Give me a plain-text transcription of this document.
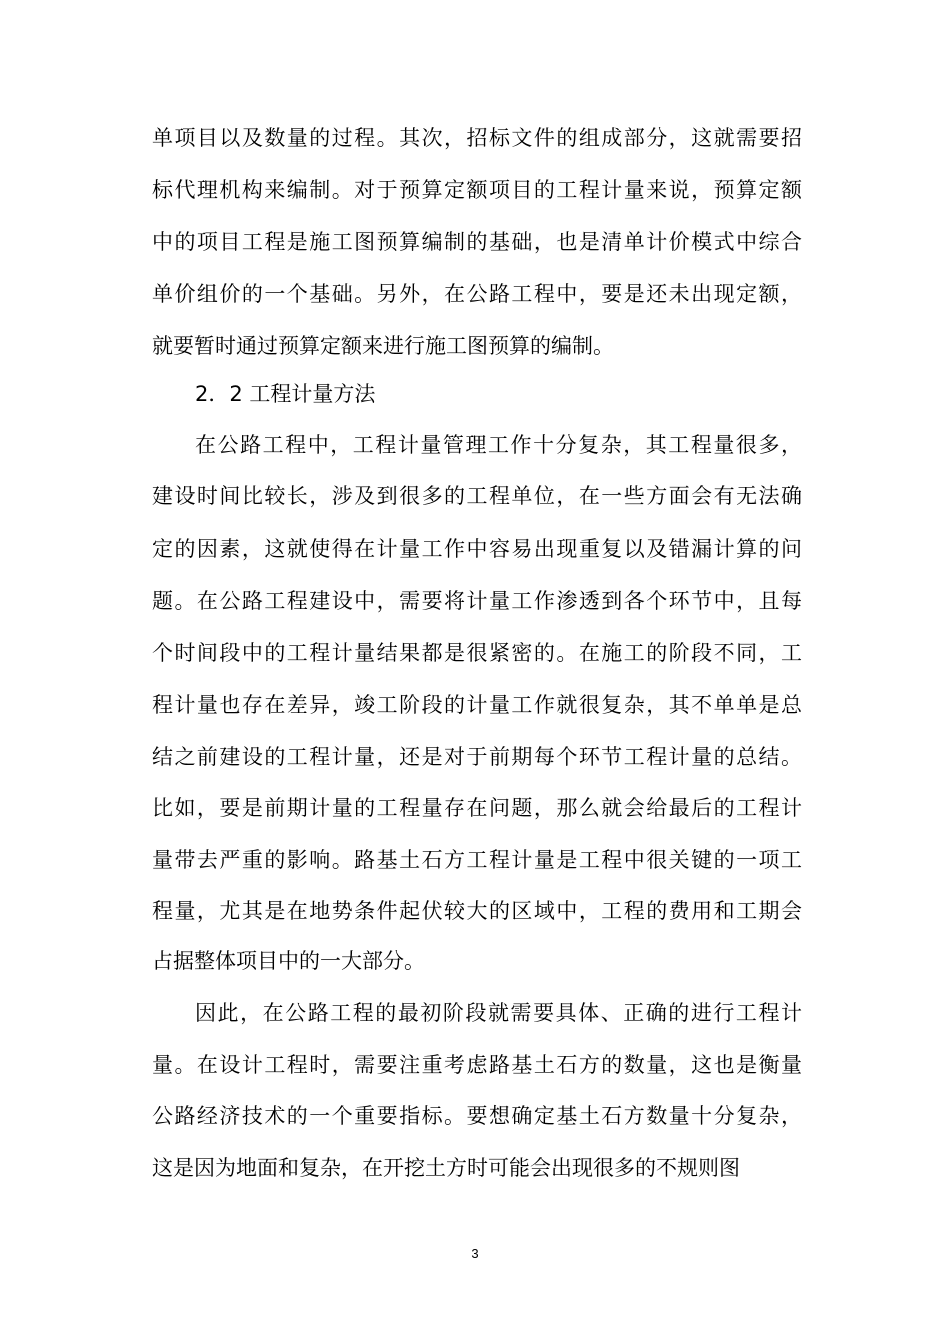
单项目以及数量的过程。其次，招标文件的组成部分，这就需要招
标代理机构来编制。对于预算定额项目的工程计量来说，预算定额
中的项目工程是施工图预算编制的基础，也是清单计价模式中综合
单价组价的一个基础。另外，在公路工程中，要是还未出现定额，
就要暂时通过预算定额来进行施工图预算的编制。
2．2 工程计量方法
在公路工程中，工程计量管理工作十分复杂，其工程量很多，
建设时间比较长，涉及到很多的工程单位，在一些方面会有无法确
定的因素，这就使得在计量工作中容易出现重复以及错漏计算的问
题。在公路工程建设中，需要将计量工作渗透到各个环节中，且每
个时间段中的工程计量结果都是很紧密的。在施工的阶段不同，工
程计量也存在差异，竣工阶段的计量工作就很复杂，其不单单是总
结之前建设的工程计量，还是对于前期每个环节工程计量的总结。
比如，要是前期计量的工程量存在问题，那么就会给最后的工程计
量带去严重的影响。路基土石方工程计量是工程中很关键的一项工
程量，尤其是在地势条件起伏较大的区域中，工程的费用和工期会
占据整体项目中的一大部分。
因此，在公路工程的最初阶段就需要具体、正确的进行工程计
量。在设计工程时，需要注重考虑路基土石方的数量，这也是衡量
公路经济技术的一个重要指标。要想确定基土石方数量十分复杂，
这是因为地面和复杂，在开挖土方时可能会出现很多的不规则图
3
